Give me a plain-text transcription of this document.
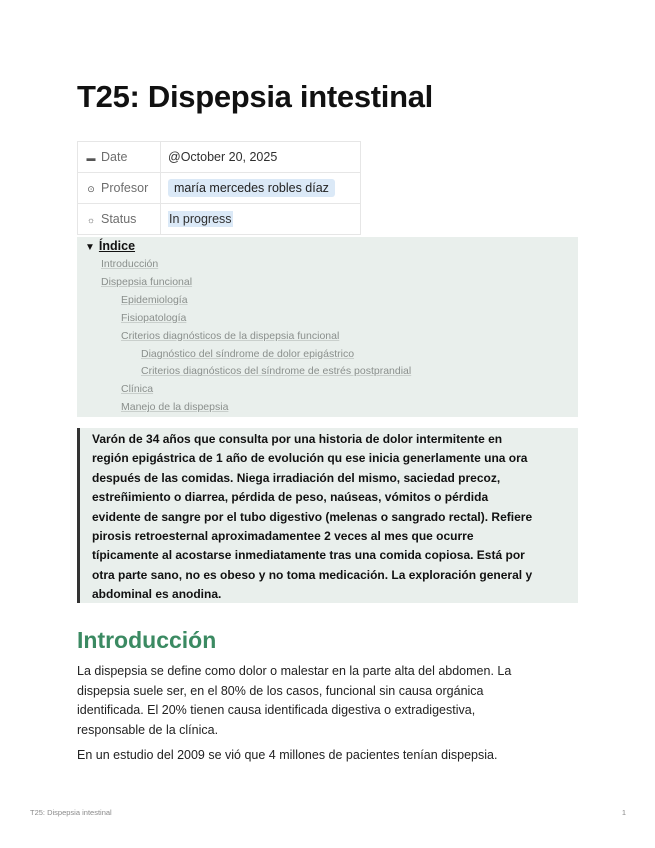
T25: Dispepsia intestinal
▬ Date	@October 20, 2025
⊙ Profesor	maría mercedes robles díaz
☼ Status	In progress
▼ Índice
Introducción
Dispepsia funcional
Epidemiología
Fisiopatología
Criterios diagnósticos de la dispepsia funcional
Diagnóstico del síndrome de dolor epigástrico
Criterios diagnósticos del síndrome de estrés postprandial
Clínica
Manejo de la dispepsia
Varón de 34 años que consulta por una historia de dolor intermitente en
región epigástrica de 1 año de evolución qu ese inicia generlamente una ora
después de las comidas. Niega irradiación del mismo, saciedad precoz,
estreñimiento o diarrea, pérdida de peso, naúseas, vómitos o pérdida
evidente de sangre por el tubo digestivo (melenas o sangrado rectal). Refiere
pirosis retroesternal aproximadamentee 2 veces al mes que ocurre
típicamente al acostarse inmediatamente tras una comida copiosa. Está por
otra parte sano, no es obeso y no toma medicación. La exploración general y
abdominal es anodina.
Introducción
La dispepsia se define como dolor o malestar en la parte alta del abdomen. La
dispepsia suele ser, en el 80% de los casos, funcional sin causa orgánica
identificada. El 20% tienen causa identificada digestiva o extradigestiva,
responsable de la clínica.

En un estudio del 2009 se vió que 4 millones de pacientes tenían dispepsia.

T25: Dispepsia intestinal	1
